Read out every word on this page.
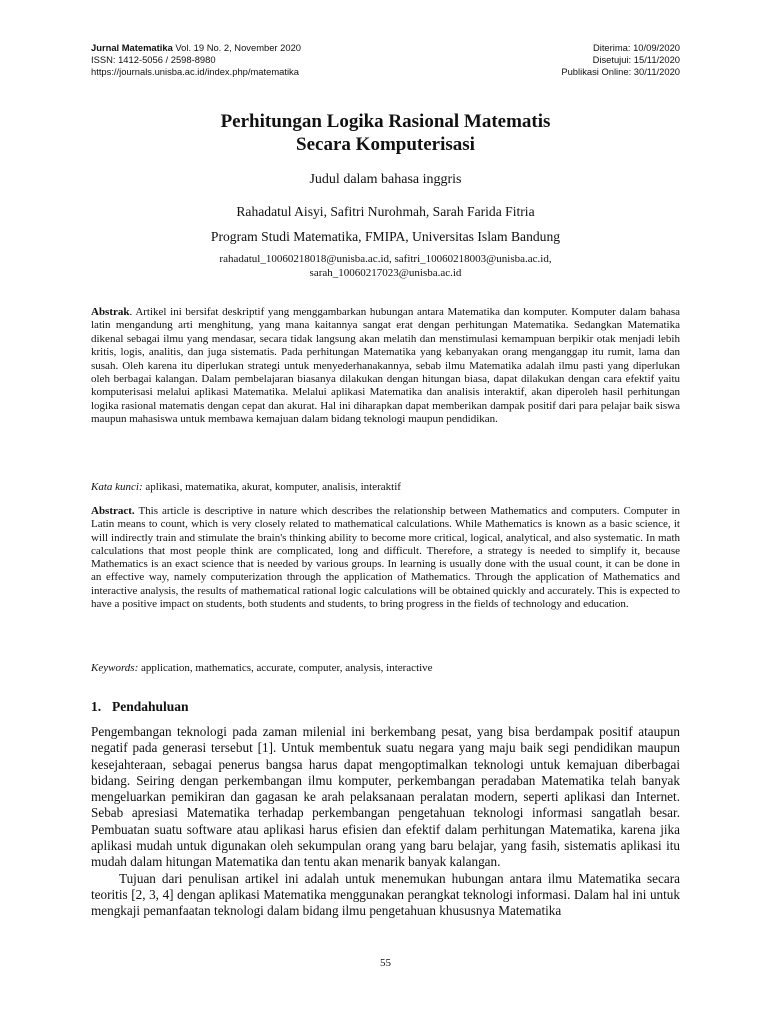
Jurnal Matematika Vol. 19 No. 2, November 2020
ISSN: 1412-5056 / 2598-8980
https://journals.unisba.ac.id/index.php/matematika
Diterima: 10/09/2020
Disetujui: 15/11/2020
Publikasi Online: 30/11/2020
Perhitungan Logika Rasional Matematis
Secara Komputerisasi
Judul dalam bahasa inggris
Rahadatul Aisyi, Safitri Nurohmah, Sarah Farida Fitria
Program Studi Matematika, FMIPA, Universitas Islam Bandung
rahadatul_10060218018@unisba.ac.id, safitri_10060218003@unisba.ac.id,
sarah_10060217023@unisba.ac.id
Abstrak. Artikel ini bersifat deskriptif yang menggambarkan hubungan antara Matematika dan komputer. Komputer dalam bahasa latin mengandung arti menghitung, yang mana kaitannya sangat erat dengan perhitungan Matematika. Sedangkan Matematika dikenal sebagai ilmu yang mendasar, secara tidak langsung akan melatih dan menstimulasi kemampuan berpikir otak menjadi lebih kritis, logis, analitis, dan juga sistematis. Pada perhitungan Matematika yang kebanyakan orang menganggap itu rumit, lama dan susah. Oleh karena itu diperlukan strategi untuk menyederhanakannya, sebab ilmu Matematika adalah ilmu pasti yang diperlukan oleh berbagai kalangan. Dalam pembelajaran biasanya dilakukan dengan hitungan biasa, dapat dilakukan dengan cara efektif yaitu komputerisasi melalui aplikasi Matematika. Melalui aplikasi Matematika dan analisis interaktif, akan diperoleh hasil perhitungan logika rasional matematis dengan cepat dan akurat. Hal ini diharapkan dapat memberikan dampak positif dari para pelajar baik siswa maupun mahasiswa untuk membawa kemajuan dalam bidang teknologi maupun pendidikan.
Kata kunci: aplikasi, matematika, akurat, komputer, analisis, interaktif
Abstract. This article is descriptive in nature which describes the relationship between Mathematics and computers. Computer in Latin means to count, which is very closely related to mathematical calculations. While Mathematics is known as a basic science, it will indirectly train and stimulate the brain's thinking ability to become more critical, logical, analytical, and also systematic. In math calculations that most people think are complicated, long and difficult. Therefore, a strategy is needed to simplify it, because Mathematics is an exact science that is needed by various groups. In learning is usually done with the usual count, it can be done in an effective way, namely computerization through the application of Mathematics. Through the application of Mathematics and interactive analysis, the results of mathematical rational logic calculations will be obtained quickly and accurately. This is expected to have a positive impact on students, both students and students, to bring progress in the fields of technology and education.
Keywords: application, mathematics, accurate, computer, analysis, interactive
1. Pendahuluan

Pengembangan teknologi pada zaman milenial ini berkembang pesat, yang bisa berdampak positif ataupun negatif pada generasi tersebut [1]. Untuk membentuk suatu negara yang maju baik segi pendidikan maupun kesejahteraan, sebagai penerus bangsa harus dapat mengoptimalkan teknologi untuk kemajuan diberbagai bidang. Seiring dengan perkembangan ilmu komputer, perkembangan peradaban Matematika telah banyak mengeluarkan pemikiran dan gagasan ke arah pelaksanaan peralatan modern, seperti aplikasi dan Internet. Sebab apresiasi Matematika terhadap perkembangan pengetahuan teknologi informasi sangatlah besar. Pembuatan suatu software atau aplikasi harus efisien dan efektif dalam perhitungan Matematika, karena jika aplikasi mudah untuk digunakan oleh sekumpulan orang yang baru belajar, yang fasih, sistematis aplikasi itu mudah dalam hitungan Matematika dan tentu akan menarik banyak kalangan.

Tujuan dari penulisan artikel ini adalah untuk menemukan hubungan antara ilmu Matematika secara teoritis [2, 3, 4] dengan aplikasi Matematika menggunakan perangkat teknologi informasi. Dalam hal ini untuk mengkaji pemanfaatan teknologi dalam bidang ilmu pengetahuan khususnya Matematika

55
